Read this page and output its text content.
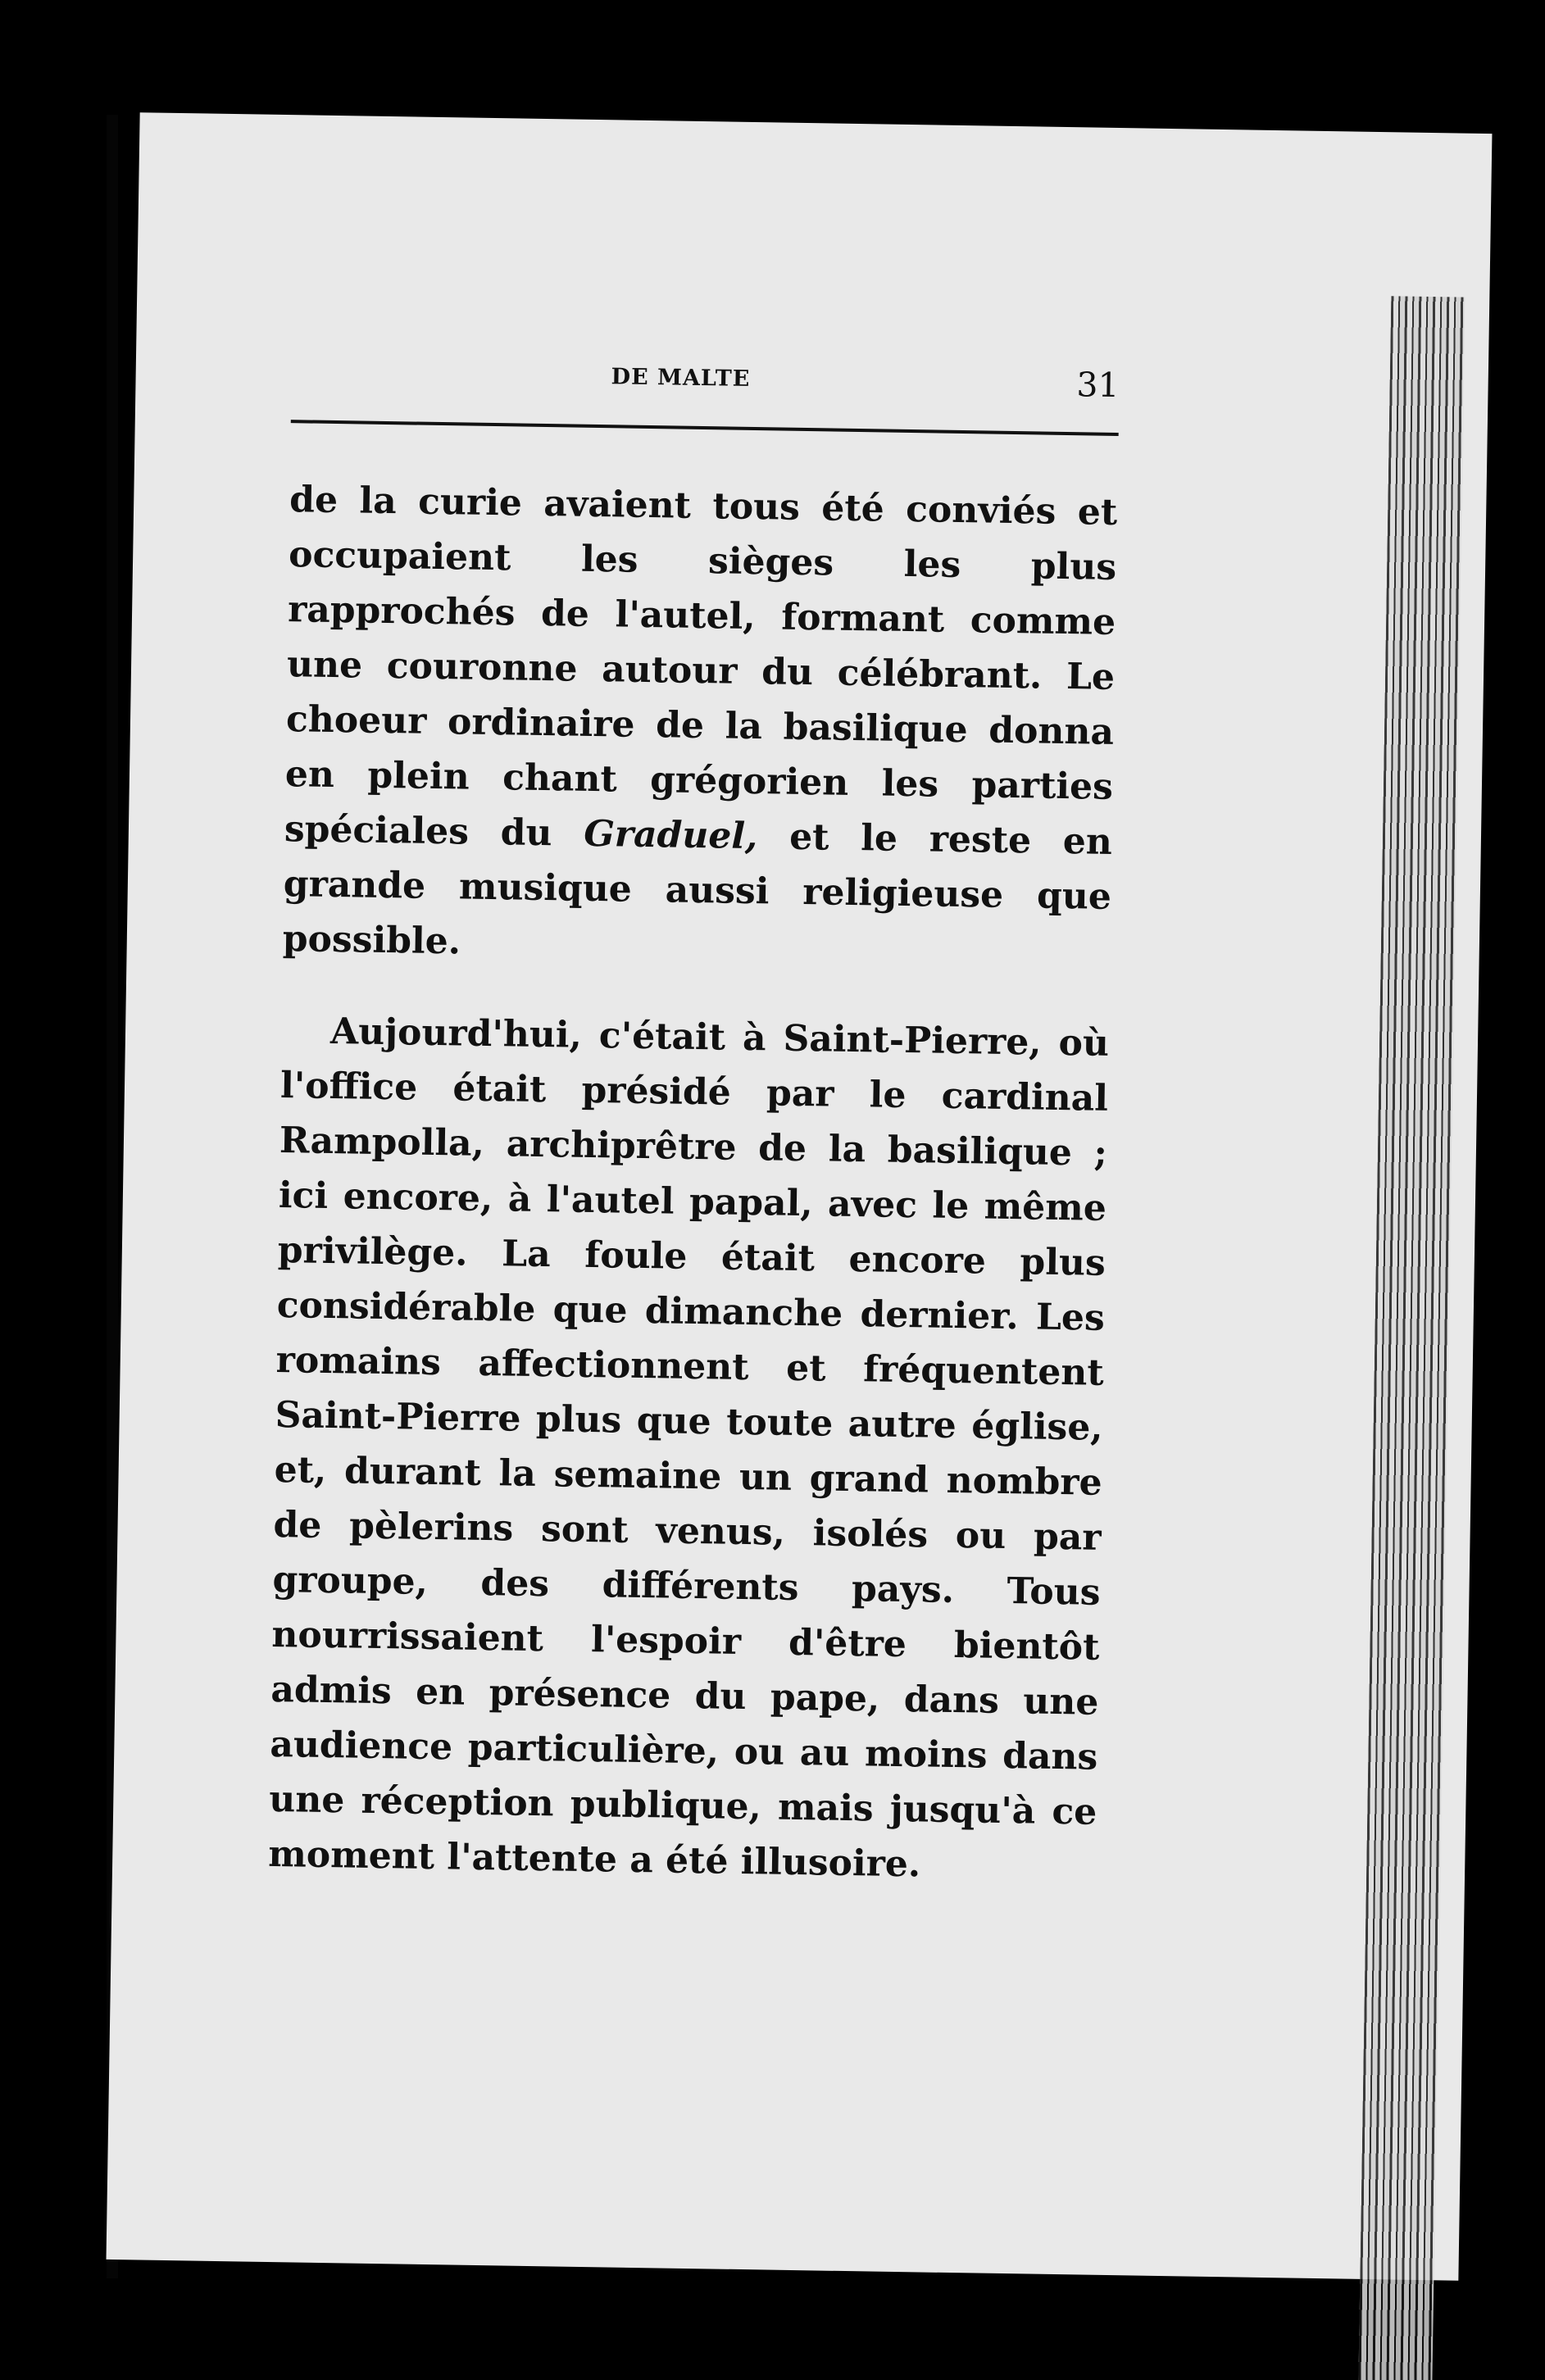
DE MALTE	31

de la curie avaient tous été conviés et occupaient les sièges les plus rapprochés de l'autel, formant comme une couronne autour du célébrant. Le choeur ordinaire de la basilique donna en plein chant grégorien les parties spéciales du Graduel, et le reste en grande musique aussi religieuse que possible.

Aujourd'hui, c'était à Saint-Pierre, où l'office était présidé par le cardinal Rampolla, archiprêtre de la basilique ; ici encore, à l'autel papal, avec le même privilège. La foule était encore plus considérable que dimanche dernier. Les romains affectionnent et fréquentent Saint-Pierre plus que toute autre église, et, durant la semaine un grand nombre de pèlerins sont venus, isolés ou par groupe, des différents pays. Tous nourrissaient l'espoir d'être bientôt admis en présence du pape, dans une audience particulière, ou au moins dans une réception publique, mais jusqu'à ce moment l'attente a été illusoire.
